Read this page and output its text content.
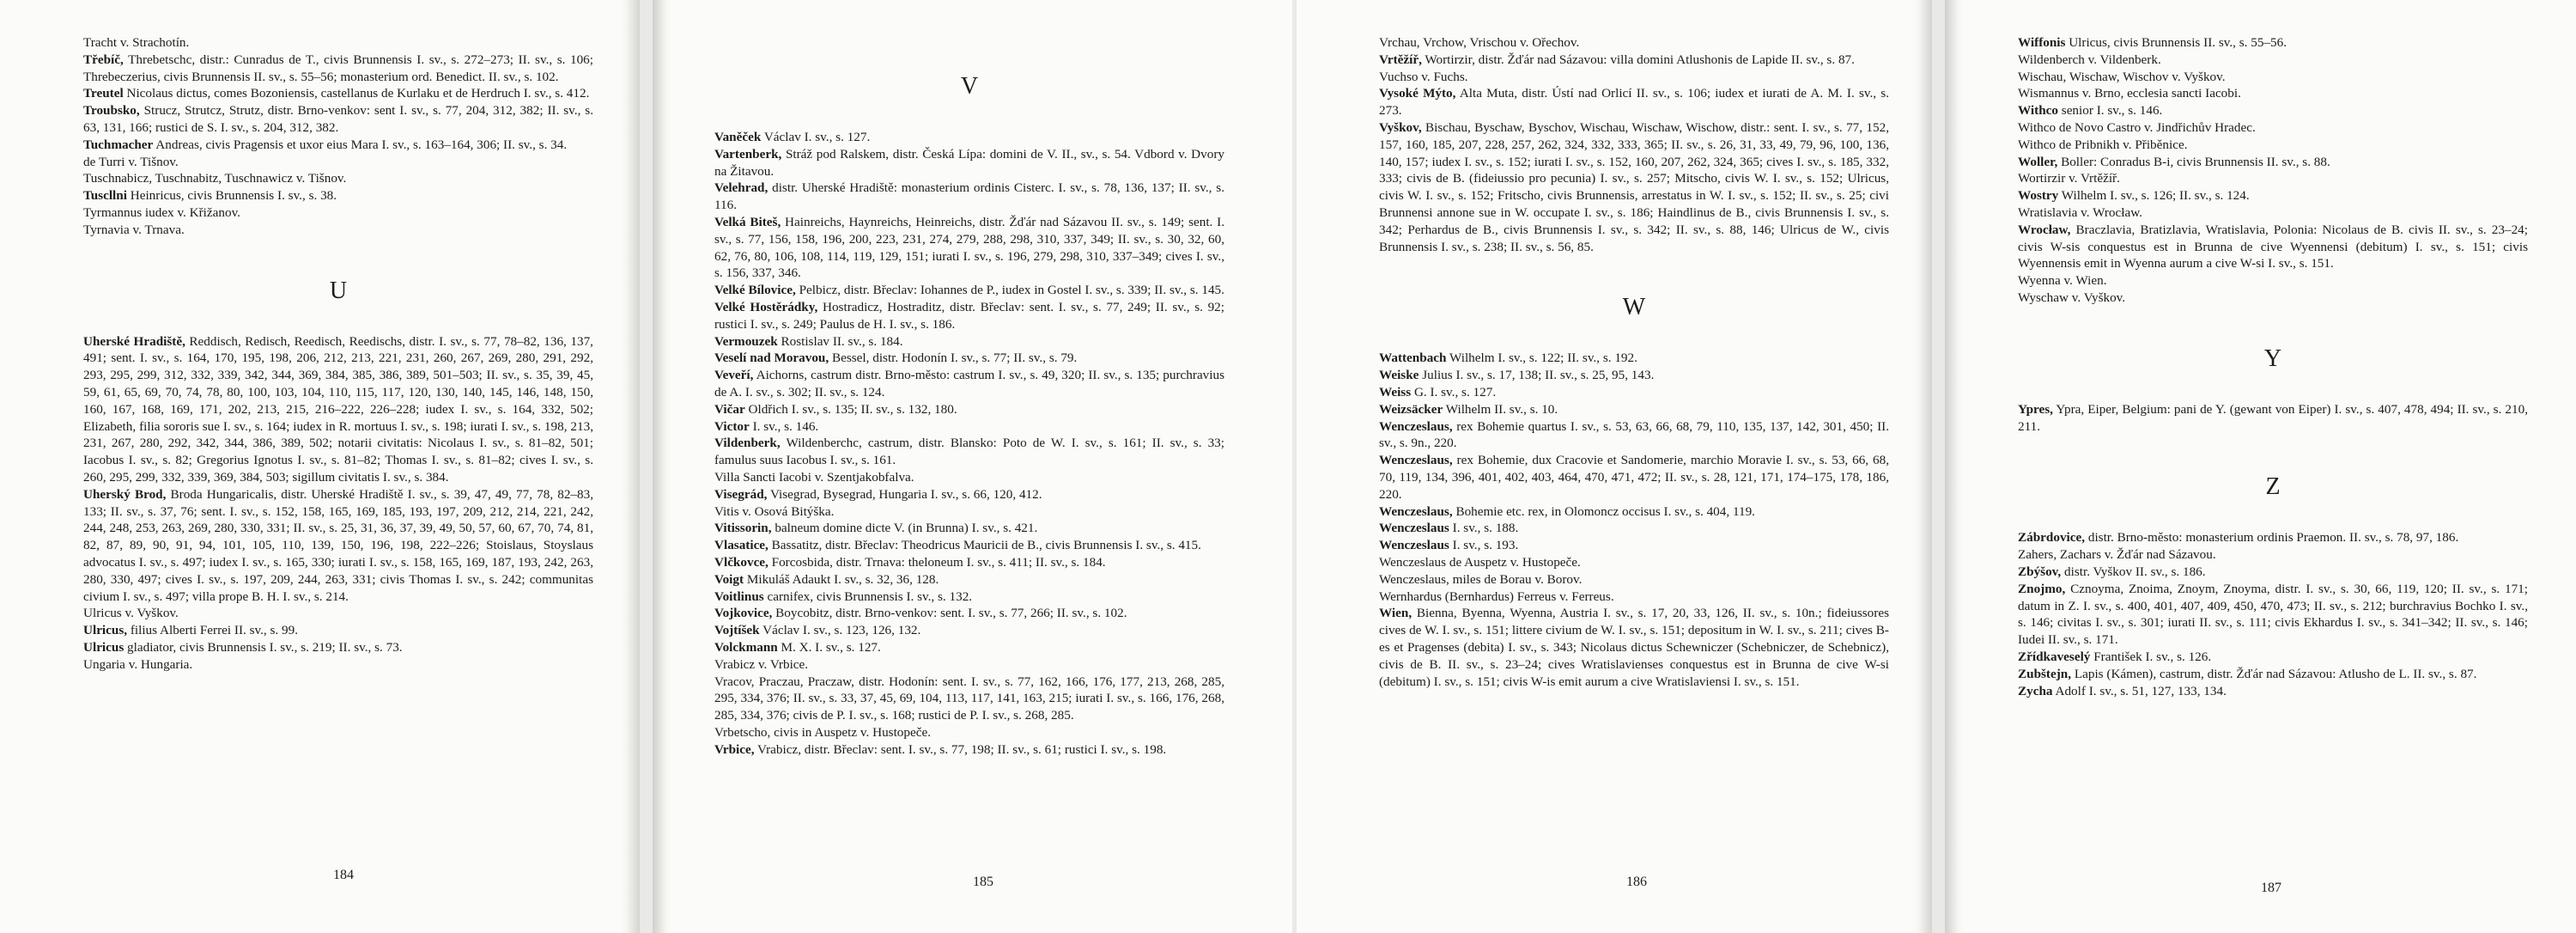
Tracht v. Strachotín.

Třebíč, Threbetschc, distr.: Cunradus de T., civis Brunnensis I. sv., s. 272–273; II. sv., s. 106; Threbeczerius, civis Brunnensis II. sv., s. 55–56; monasterium ord. Benedict. II. sv., s. 102.

Treutel Nicolaus dictus, comes Bozoniensis, castellanus de Kurlaku et de Herdruch I. sv., s. 412.

Troubsko, Strucz, Strutcz, Strutz, distr. Brno-venkov: sent I. sv., s. 77, 204, 312, 382; II. sv., s. 63, 131, 166; rustici de S. I. sv., s. 204, 312, 382.

Tuchmacher Andreas, civis Pragensis et uxor eius Mara I. sv., s. 163–164, 306; II. sv., s. 34.

de Turri v. Tišnov.

Tuschnabicz, Tuschnabitz, Tuschnawicz v. Tišnov.

Tuscllni Heinricus, civis Brunnensis I. sv., s. 38.

Tyrmannus iudex v. Křižanov.

Tyrnavia v. Trnava.

U

Uherské Hradiště, Reddisch, Redisch, Reedisch, Reedischs, distr. I. sv., s. 77, 78–82, 136, 137, 491; sent. I. sv., s. 164, 170, 195, 198, 206, 212, 213, 221, 231, 260, 267, 269, 280, 291, 292, 293, 295, 299, 312, 332, 339, 342, 344, 369, 384, 385, 386, 389, 501–503; II. sv., s. 35, 39, 45, 59, 61, 65, 69, 70, 74, 78, 80, 100, 103, 104, 110, 115, 117, 120, 130, 140, 145, 146, 148, 150, 160, 167, 168, 169, 171, 202, 213, 215, 216–222, 226–228; iudex I. sv., s. 164, 332, 502; Elizabeth, filia sororis sue I. sv., s. 164; iudex in R. mortuus I. sv., s. 198; iurati I. sv., s. 198, 213, 231, 267, 280, 292, 342, 344, 386, 389, 502; notarii civitatis: Nicolaus I. sv., s. 81–82, 501; Iacobus I. sv., s. 82; Gregorius Ignotus I. sv., s. 81–82; Thomas I. sv., s. 81–82; cives I. sv., s. 260, 295, 299, 332, 339, 369, 384, 503; sigillum civitatis I. sv., s. 384.

Uherský Brod, Broda Hungaricalis, distr. Uherské Hradiště I. sv., s. 39, 47, 49, 77, 78, 82–83, 133; II. sv., s. 37, 76; sent. I. sv., s. 152, 158, 165, 169, 185, 193, 197, 209, 212, 214, 221, 242, 244, 248, 253, 263, 269, 280, 330, 331; II. sv., s. 25, 31, 36, 37, 39, 49, 50, 57, 60, 67, 70, 74, 81, 82, 87, 89, 90, 91, 94, 101, 105, 110, 139, 150, 196, 198, 222–226; Stoislaus, Stoyslaus advocatus I. sv., s. 497; iudex I. sv., s. 165, 330; iurati I. sv., s. 158, 165, 169, 187, 193, 242, 263, 280, 330, 497; cives I. sv., s. 197, 209, 244, 263, 331; civis Thomas I. sv., s. 242; communitas civium I. sv., s. 497; villa prope B. H. I. sv., s. 214.

Ulricus v. Vyškov.

Ulricus, filius Alberti Ferrei II. sv., s. 99.

Ulricus gladiator, civis Brunnensis I. sv., s. 219; II. sv., s. 73.

Ungaria v. Hungaria.

184
V

Vaněček Václav I. sv., s. 127.

Vartenberk, Stráž pod Ralskem, distr. Česká Lípa: domini de V. II., sv., s. 54. Vdbord v. Dvory na Žitavou.

Velehrad, distr. Uherské Hradiště: monasterium ordinis Cisterc. I. sv., s. 78, 136, 137; II. sv., s. 116.

Velká Biteš, Hainreichs, Haynreichs, Heinreichs, distr. Žďár nad Sázavou II. sv., s. 149; sent. I. sv., s. 77, 156, 158, 196, 200, 223, 231, 274, 279, 288, 298, 310, 337, 349; II. sv., s. 30, 32, 60, 62, 76, 80, 106, 108, 114, 119, 129, 151; iurati I. sv., s. 196, 279, 298, 310, 337–349; cives I. sv., s. 156, 337, 346.

Velké Bílovice, Pelbicz, distr. Břeclav: Iohannes de P., iudex in Gostel I. sv., s. 339; II. sv., s. 145.

Velké Hostěrádky, Hostradicz, Hostraditz, distr. Břeclav: sent. I. sv., s. 77, 249; II. sv., s. 92; rustici I. sv., s. 249; Paulus de H. I. sv., s. 186.

Vermouzek Rostislav II. sv., s. 184.

Veselí nad Moravou, Bessel, distr. Hodonín I. sv., s. 77; II. sv., s. 79.

Veveří, Aichorns, castrum distr. Brno-město: castrum I. sv., s. 49, 320; II. sv., s. 135; purchravius de A. I. sv., s. 302; II. sv., s. 124.

Vičar Oldřich I. sv., s. 135; II. sv., s. 132, 180.

Victor I. sv., s. 146.

Vildenberk, Wildenberchc, castrum, distr. Blansko: Poto de W. I. sv., s. 161; II. sv., s. 33; famulus suus Iacobus I. sv., s. 161.

Villa Sancti Iacobi v. Szentjakobfalva.

Visegrád, Visegrad, Bysegrad, Hungaria I. sv., s. 66, 120, 412.

Vitis v. Osová Bitýška.

Vitissorin, balneum domine dicte V. (in Brunna) I. sv., s. 421.

Vlasatice, Bassatitz, distr. Břeclav: Theodricus Mauricii de B., civis Brunnensis I. sv., s. 415.

Vlčkovce, Forcosbida, distr. Trnava: theloneum I. sv., s. 411; II. sv., s. 184.

Voigt Mikuláš Adaukt I. sv., s. 32, 36, 128.

Voitlinus carnifex, civis Brunnensis I. sv., s. 132.

Vojkovice, Boycobitz, distr. Brno-venkov: sent. I. sv., s. 77, 266; II. sv., s. 102.

Vojtíšek Václav I. sv., s. 123, 126, 132.

Volckmann M. X. I. sv., s. 127.

Vrabicz v. Vrbice.

Vracov, Praczau, Praczaw, distr. Hodonín: sent. I. sv., s. 77, 162, 166, 176, 177, 213, 268, 285, 295, 334, 376; II. sv., s. 33, 37, 45, 69, 104, 113, 117, 141, 163, 215; iurati I. sv., s. 166, 176, 268, 285, 334, 376; civis de P. I. sv., s. 168; rustici de P. I. sv., s. 268, 285.

Vrbetscho, civis in Auspetz v. Hustopeče.

Vrbice, Vrabicz, distr. Břeclav: sent. I. sv., s. 77, 198; II. sv., s. 61; rustici I. sv., s. 198.

185

Vrchau, Vrchow, Vrischou v. Ořechov.

Vrtěžíř, Wortirzir, distr. Žďár nad Sázavou: villa domini Atlushonis de Lapide II. sv., s. 87.

Vuchso v. Fuchs.

Vysoké Mýto, Alta Muta, distr. Ústí nad Orlicí II. sv., s. 106; iudex et iurati de A. M. I. sv., s. 273.

Vyškov, Bischau, Byschaw, Byschov, Wischau, Wischaw, Wischow, distr.: sent. I. sv., s. 77, 152, 157, 160, 185, 207, 228, 257, 262, 324, 332, 333, 365; II. sv., s. 26, 31, 33, 49, 79, 96, 100, 136, 140, 157; iudex I. sv., s. 152; iurati I. sv., s. 152, 160, 207, 262, 324, 365; cives I. sv., s. 185, 332, 333; civis de B. (fideiussio pro pecunia) I. sv., s. 257; Mitscho, civis W. I. sv., s. 152; Ulricus, civis W. I. sv., s. 152; Fritscho, civis Brunnensis, arrestatus in W. I. sv., s. 152; II. sv., s. 25; civi Brunnensi annone sue in W. occupate I. sv., s. 186; Haindlinus de B., civis Brunnensis I. sv., s. 342; Perhardus de B., civis Brunnensis I. sv., s. 342; II. sv., s. 88, 146; Ulricus de W., civis Brunnensis I. sv., s. 238; II. sv., s. 56, 85.

W

Wattenbach Wilhelm I. sv., s. 122; II. sv., s. 192.

Weiske Julius I. sv., s. 17, 138; II. sv., s. 25, 95, 143.

Weiss G. I. sv., s. 127.

Weizsäcker Wilhelm II. sv., s. 10.

Wenczeslaus, rex Bohemie quartus I. sv., s. 53, 63, 66, 68, 79, 110, 135, 137, 142, 301, 450; II. sv., s. 9n., 220.

Wenczeslaus, rex Bohemie, dux Cracovie et Sandomerie, marchio Moravie I. sv., s. 53, 66, 68, 70, 119, 134, 396, 401, 402, 403, 464, 470, 471, 472; II. sv., s. 28, 121, 171, 174–175, 178, 186, 220.

Wenczeslaus, Bohemie etc. rex, in Olomoncz occisus I. sv., s. 404, 119.

Wenczeslaus I. sv., s. 188.

Wenczeslaus I. sv., s. 193.

Wenczeslaus de Auspetz v. Hustopeče.

Wenczeslaus, miles de Borau v. Borov.

Wernhardus (Bernhardus) Ferreus v. Ferreus.

Wien, Bienna, Byenna, Wyenna, Austria I. sv., s. 17, 20, 33, 126, II. sv., s. 10n.; fideiussores cives de W. I. sv., s. 151; littere civium de W. I. sv., s. 151; depositum in W. I. sv., s. 211; cives B-es et Pragenses (debita) I. sv., s. 343; Nicolaus dictus Schewniczer (Schebniczer, de Schebnicz), civis de B. II. sv., s. 23–24; cives Wratislavienses conquestus est in Brunna de cive W-si (debitum) I. sv., s. 151; civis W-is emit aurum a cive Wratislaviensi I. sv., s. 151.

186

Wiffonis Ulricus, civis Brunnensis II. sv., s. 55–56.

Wildenberch v. Vildenberk.

Wischau, Wischaw, Wischov v. Vyškov.

Wismannus v. Brno, ecclesia sancti Iacobi.

Withco senior I. sv., s. 146.

Withco de Novo Castro v. Jindřichův Hradec.

Withco de Pribnikh v. Přiběnice.

Woller, Boller: Conradus B-i, civis Brunnensis II. sv., s. 88.

Wortirzir v. Vrtěžíř.

Wostry Wilhelm I. sv., s. 126; II. sv., s. 124.

Wratislavia v. Wrocław.

Wrocław, Braczlavia, Bratizlavia, Wratislavia, Polonia: Nicolaus de B. civis II. sv., s. 23–24; civis W-sis conquestus est in Brunna de cive Wyennensi (debitum) I. sv., s. 151; civis Wyennensis emit in Wyenna aurum a cive W-si I. sv., s. 151.

Wyenna v. Wien.

Wyschaw v. Vyškov.

Y

Ypres, Ypra, Eiper, Belgium: pani de Y. (gewant von Eiper) I. sv., s. 407, 478, 494; II. sv., s. 210, 211.

Z

Zábrdovice, distr. Brno-město: monasterium ordinis Praemon. II. sv., s. 78, 97, 186.

Zahers, Zachars v. Žďár nad Sázavou.

Zbýšov, distr. Vyškov II. sv., s. 186.

Znojmo, Cznoyma, Znoima, Znoym, Znoyma, distr. I. sv., s. 30, 66, 119, 120; II. sv., s. 171; datum in Z. I. sv., s. 400, 401, 407, 409, 450, 470, 473; II. sv., s. 212; burchravius Bochko I. sv., s. 146; civitas I. sv., s. 301; iurati II. sv., s. 111; civis Ekhardus I. sv., s. 341–342; II. sv., s. 146; Iudei II. sv., s. 171.

Zřídkaveselý František I. sv., s. 126.

Zubštejn, Lapis (Kámen), castrum, distr. Žďár nad Sázavou: Atlusho de L. II. sv., s. 87.

Zycha Adolf I. sv., s. 51, 127, 133, 134.

187
